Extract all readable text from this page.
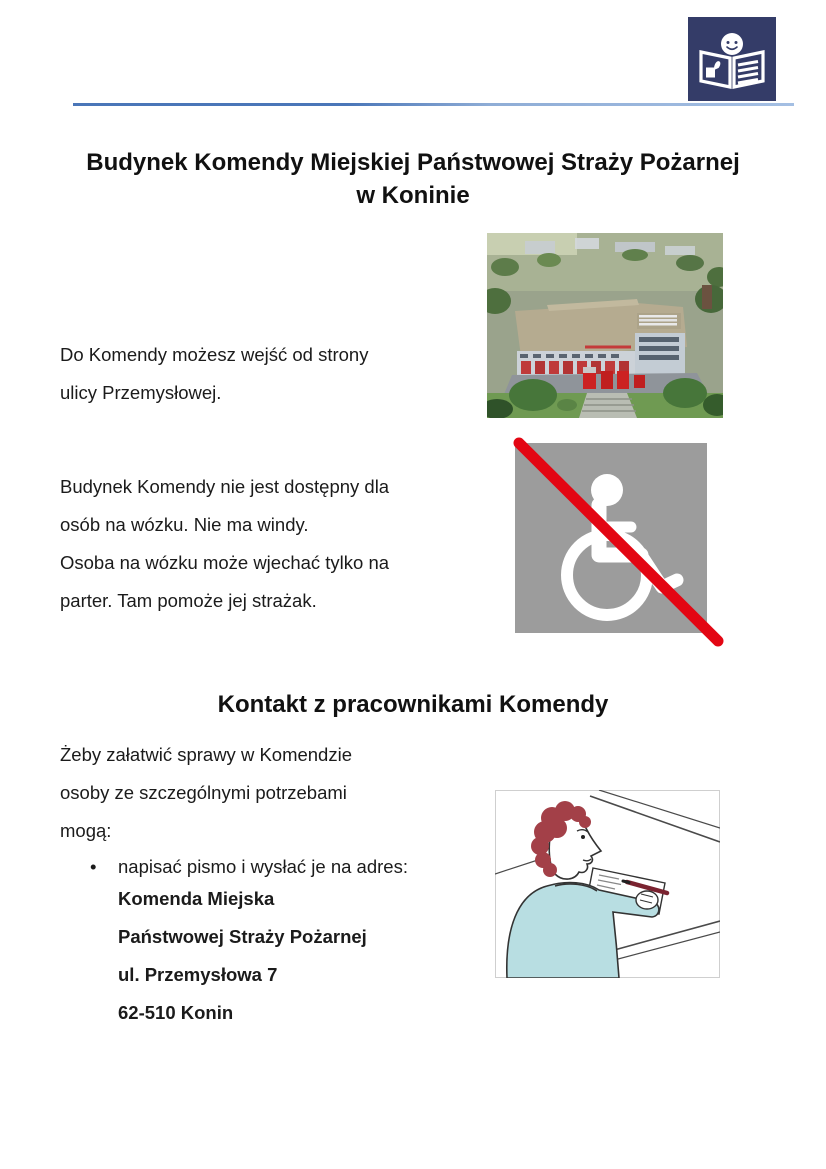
Budynek Komendy Miejskiej Państwowej Straży Pożarnej
w Koninie
Do Komendy możesz wejść od strony
ulicy Przemysłowej.
Budynek Komendy nie jest dostępny dla
osób na wózku. Nie ma windy.
Osoba na wózku może wjechać tylko na
parter. Tam pomoże jej strażak.
Kontakt z pracownikami Komendy
Żeby załatwić sprawy w Komendzie
osoby ze szczególnymi potrzebami
mogą:
•	napisać pismo i wysłać je na adres:
Komenda Miejska
Państwowej Straży Pożarnej
ul. Przemysłowa 7
62-510 Konin
